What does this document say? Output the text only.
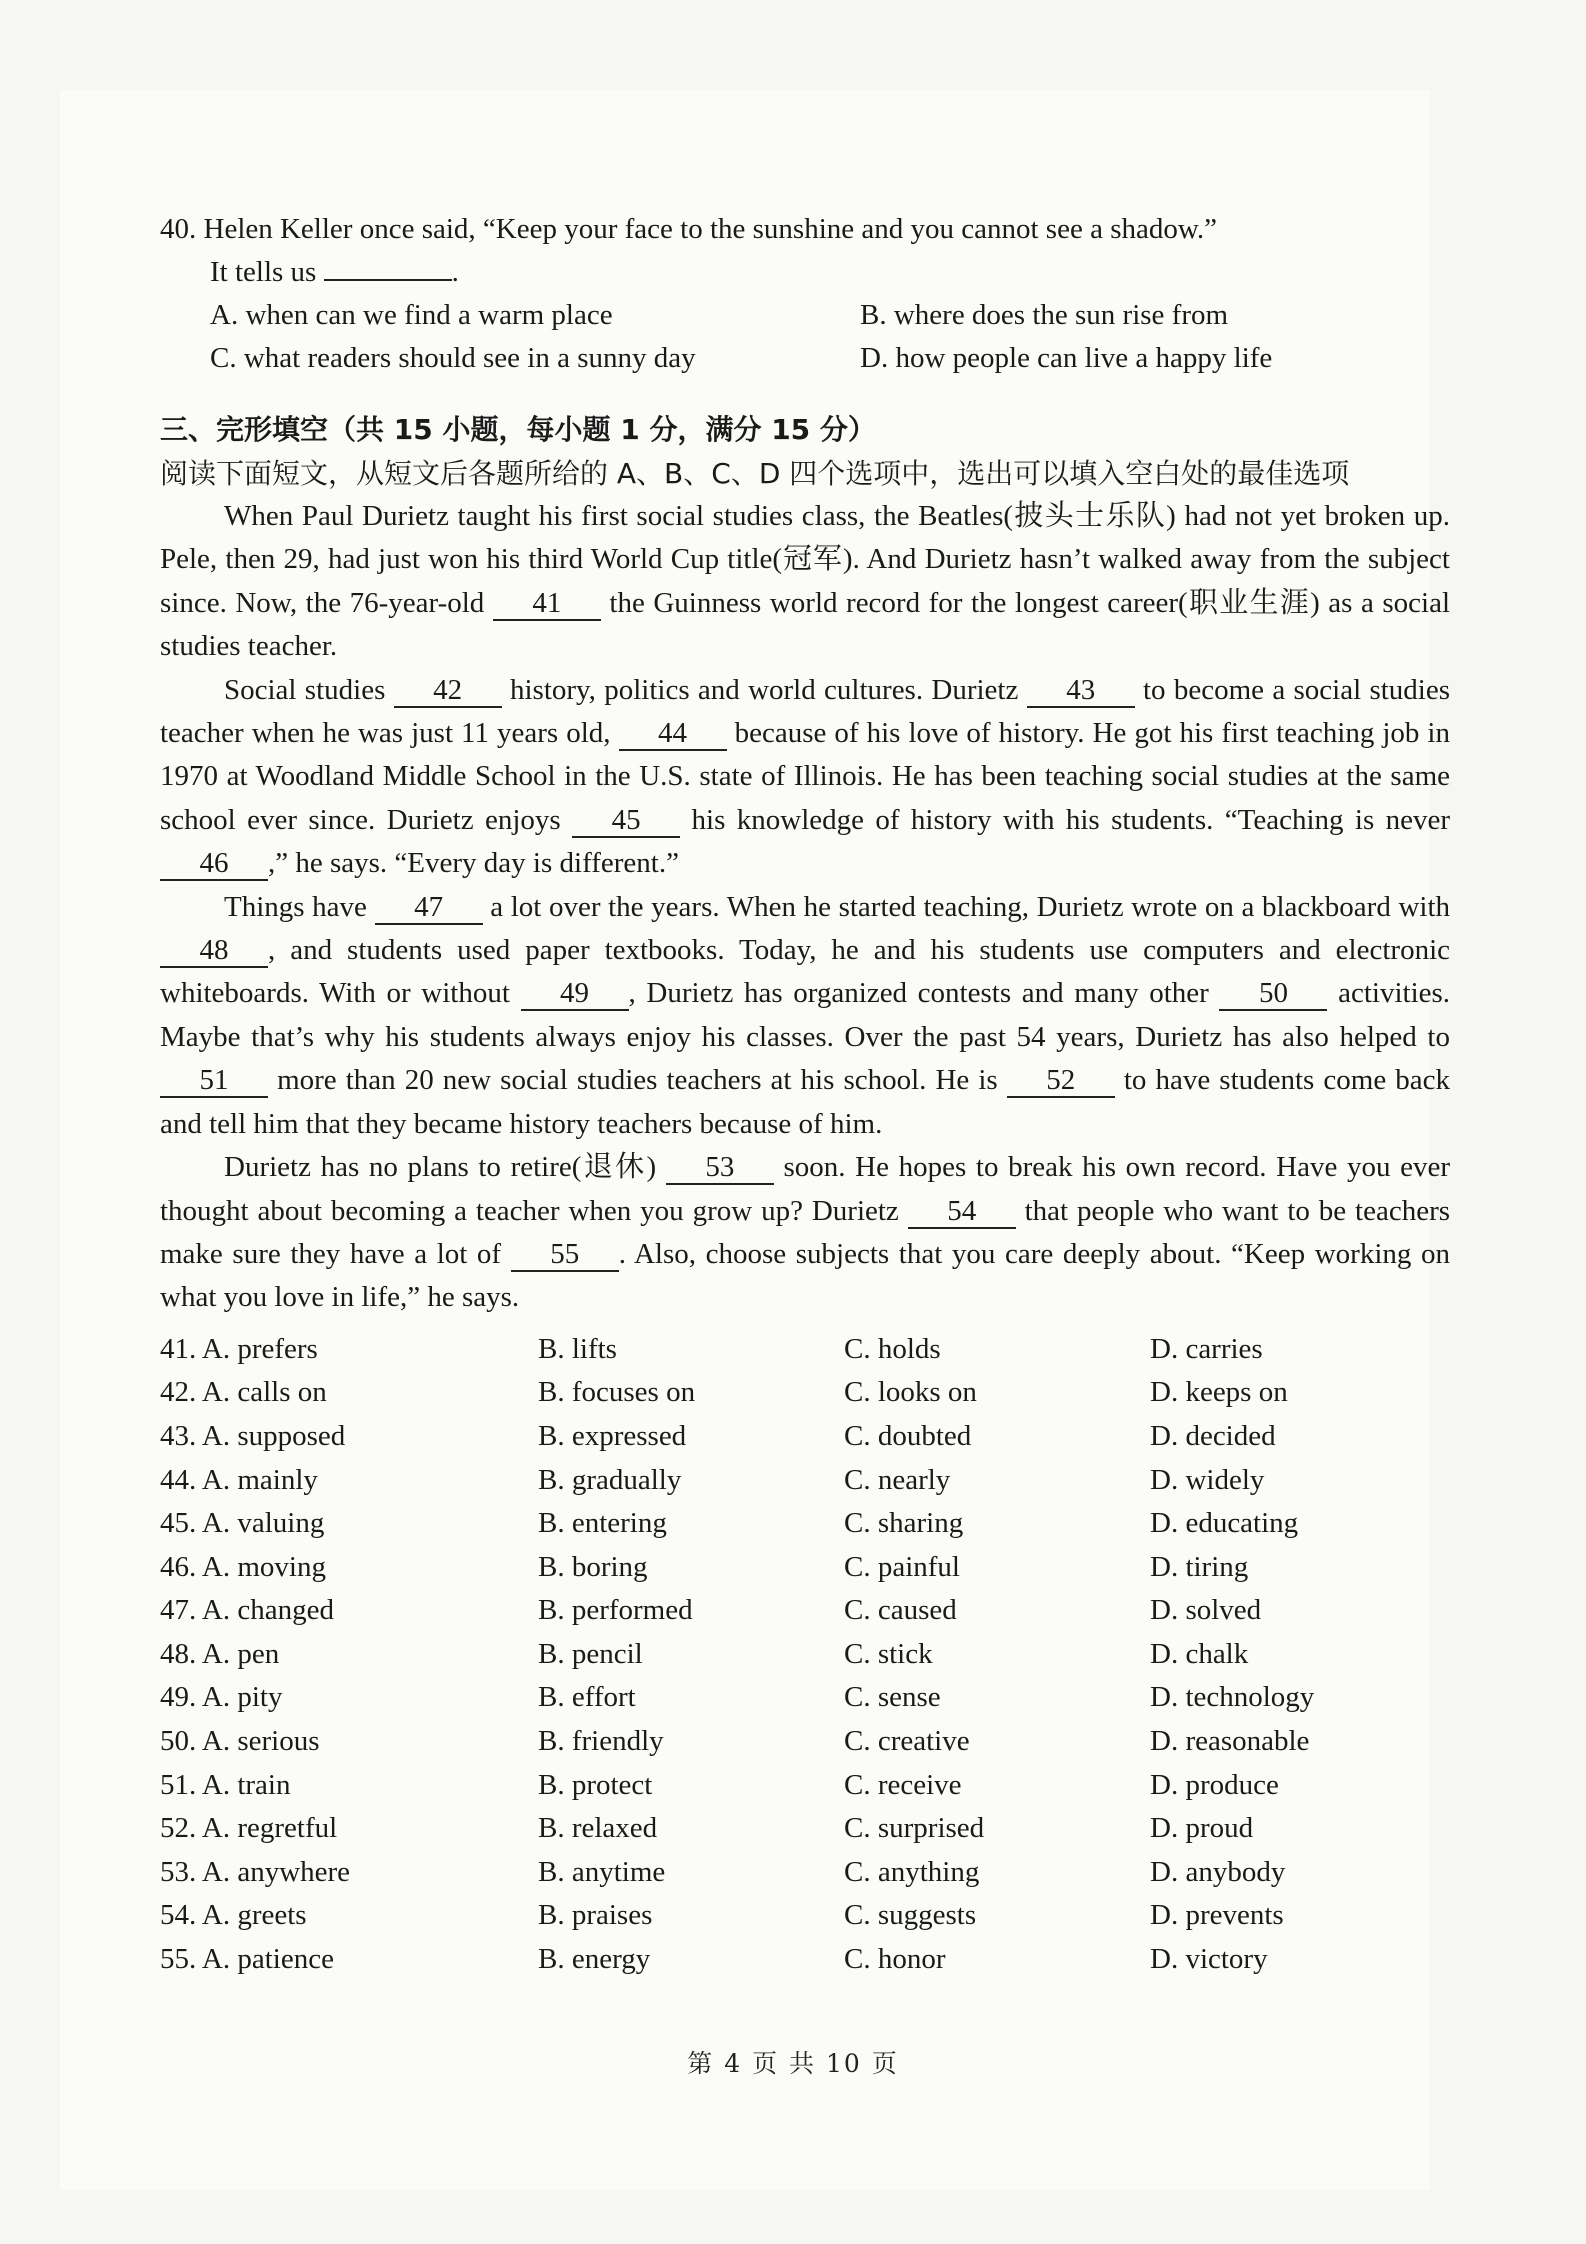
40. Helen Keller once said, “Keep your face to the sunshine and you cannot see a shadow.”
It tells us	.
A. when can we find a warm place	B. where does the sun rise from
C. what readers should see in a sunny day	D. how people can live a happy life
三、完形填空（共 15 小题，每小题 1 分，满分 15 分）
阅读下面短文，从短文后各题所给的 A、B、C、D 四个选项中，选出可以填入空白处的最佳选项

When Paul Durietz taught his first social studies class, the Beatles(披头士乐队) had not yet broken up. Pele, then 29, had just won his third World Cup title(冠军). And Durietz hasn’t walked away from the subject since. Now, the 76-year-old 41 the Guinness world record for the longest career(职业生涯) as a social studies teacher.

Social studies 42 history, politics and world cultures. Durietz 43 to become a social studies teacher when he was just 11 years old, 44 because of his love of history. He got his first teaching job in 1970 at Woodland Middle School in the U.S. state of Illinois. He has been teaching social studies at the same school ever since. Durietz enjoys 45 his knowledge of history with his students. “Teaching is never 46 ,” he says. “Every day is different.”

Things have 47 a lot over the years. When he started teaching, Durietz wrote on a blackboard with 48 , and students used paper textbooks. Today, he and his students use computers and electronic whiteboards. With or without 49 , Durietz has organized contests and many other 50 activities. Maybe that’s why his students always enjoy his classes. Over the past 54 years, Durietz has also helped to 51 more than 20 new social studies teachers at his school. He is 52 to have students come back and tell him that they became history teachers because of him.

Durietz has no plans to retire(退休) 53 soon. He hopes to break his own record. Have you ever thought about becoming a teacher when you grow up? Durietz 54 that people who want to be teachers make sure they have a lot of 55 . Also, choose subjects that you care deeply about. “Keep working on what you love in life,” he says.

41. A. prefers	B. lifts	C. holds	D. carries
42. A. calls on	B. focuses on	C. looks on	D. keeps on
43. A. supposed	B. expressed	C. doubted	D. decided
44. A. mainly	B. gradually	C. nearly	D. widely
45. A. valuing	B. entering	C. sharing	D. educating
46. A. moving	B. boring	C. painful	D. tiring
47. A. changed	B. performed	C. caused	D. solved
48. A. pen	B. pencil	C. stick	D. chalk
49. A. pity	B. effort	C. sense	D. technology
50. A. serious	B. friendly	C. creative	D. reasonable
51. A. train	B. protect	C. receive	D. produce
52. A. regretful	B. relaxed	C. surprised	D. proud
53. A. anywhere	B. anytime	C. anything	D. anybody
54. A. greets	B. praises	C. suggests	D. prevents
55. A. patience	B. energy	C. honor	D. victory
第 4 页 共 10 页
